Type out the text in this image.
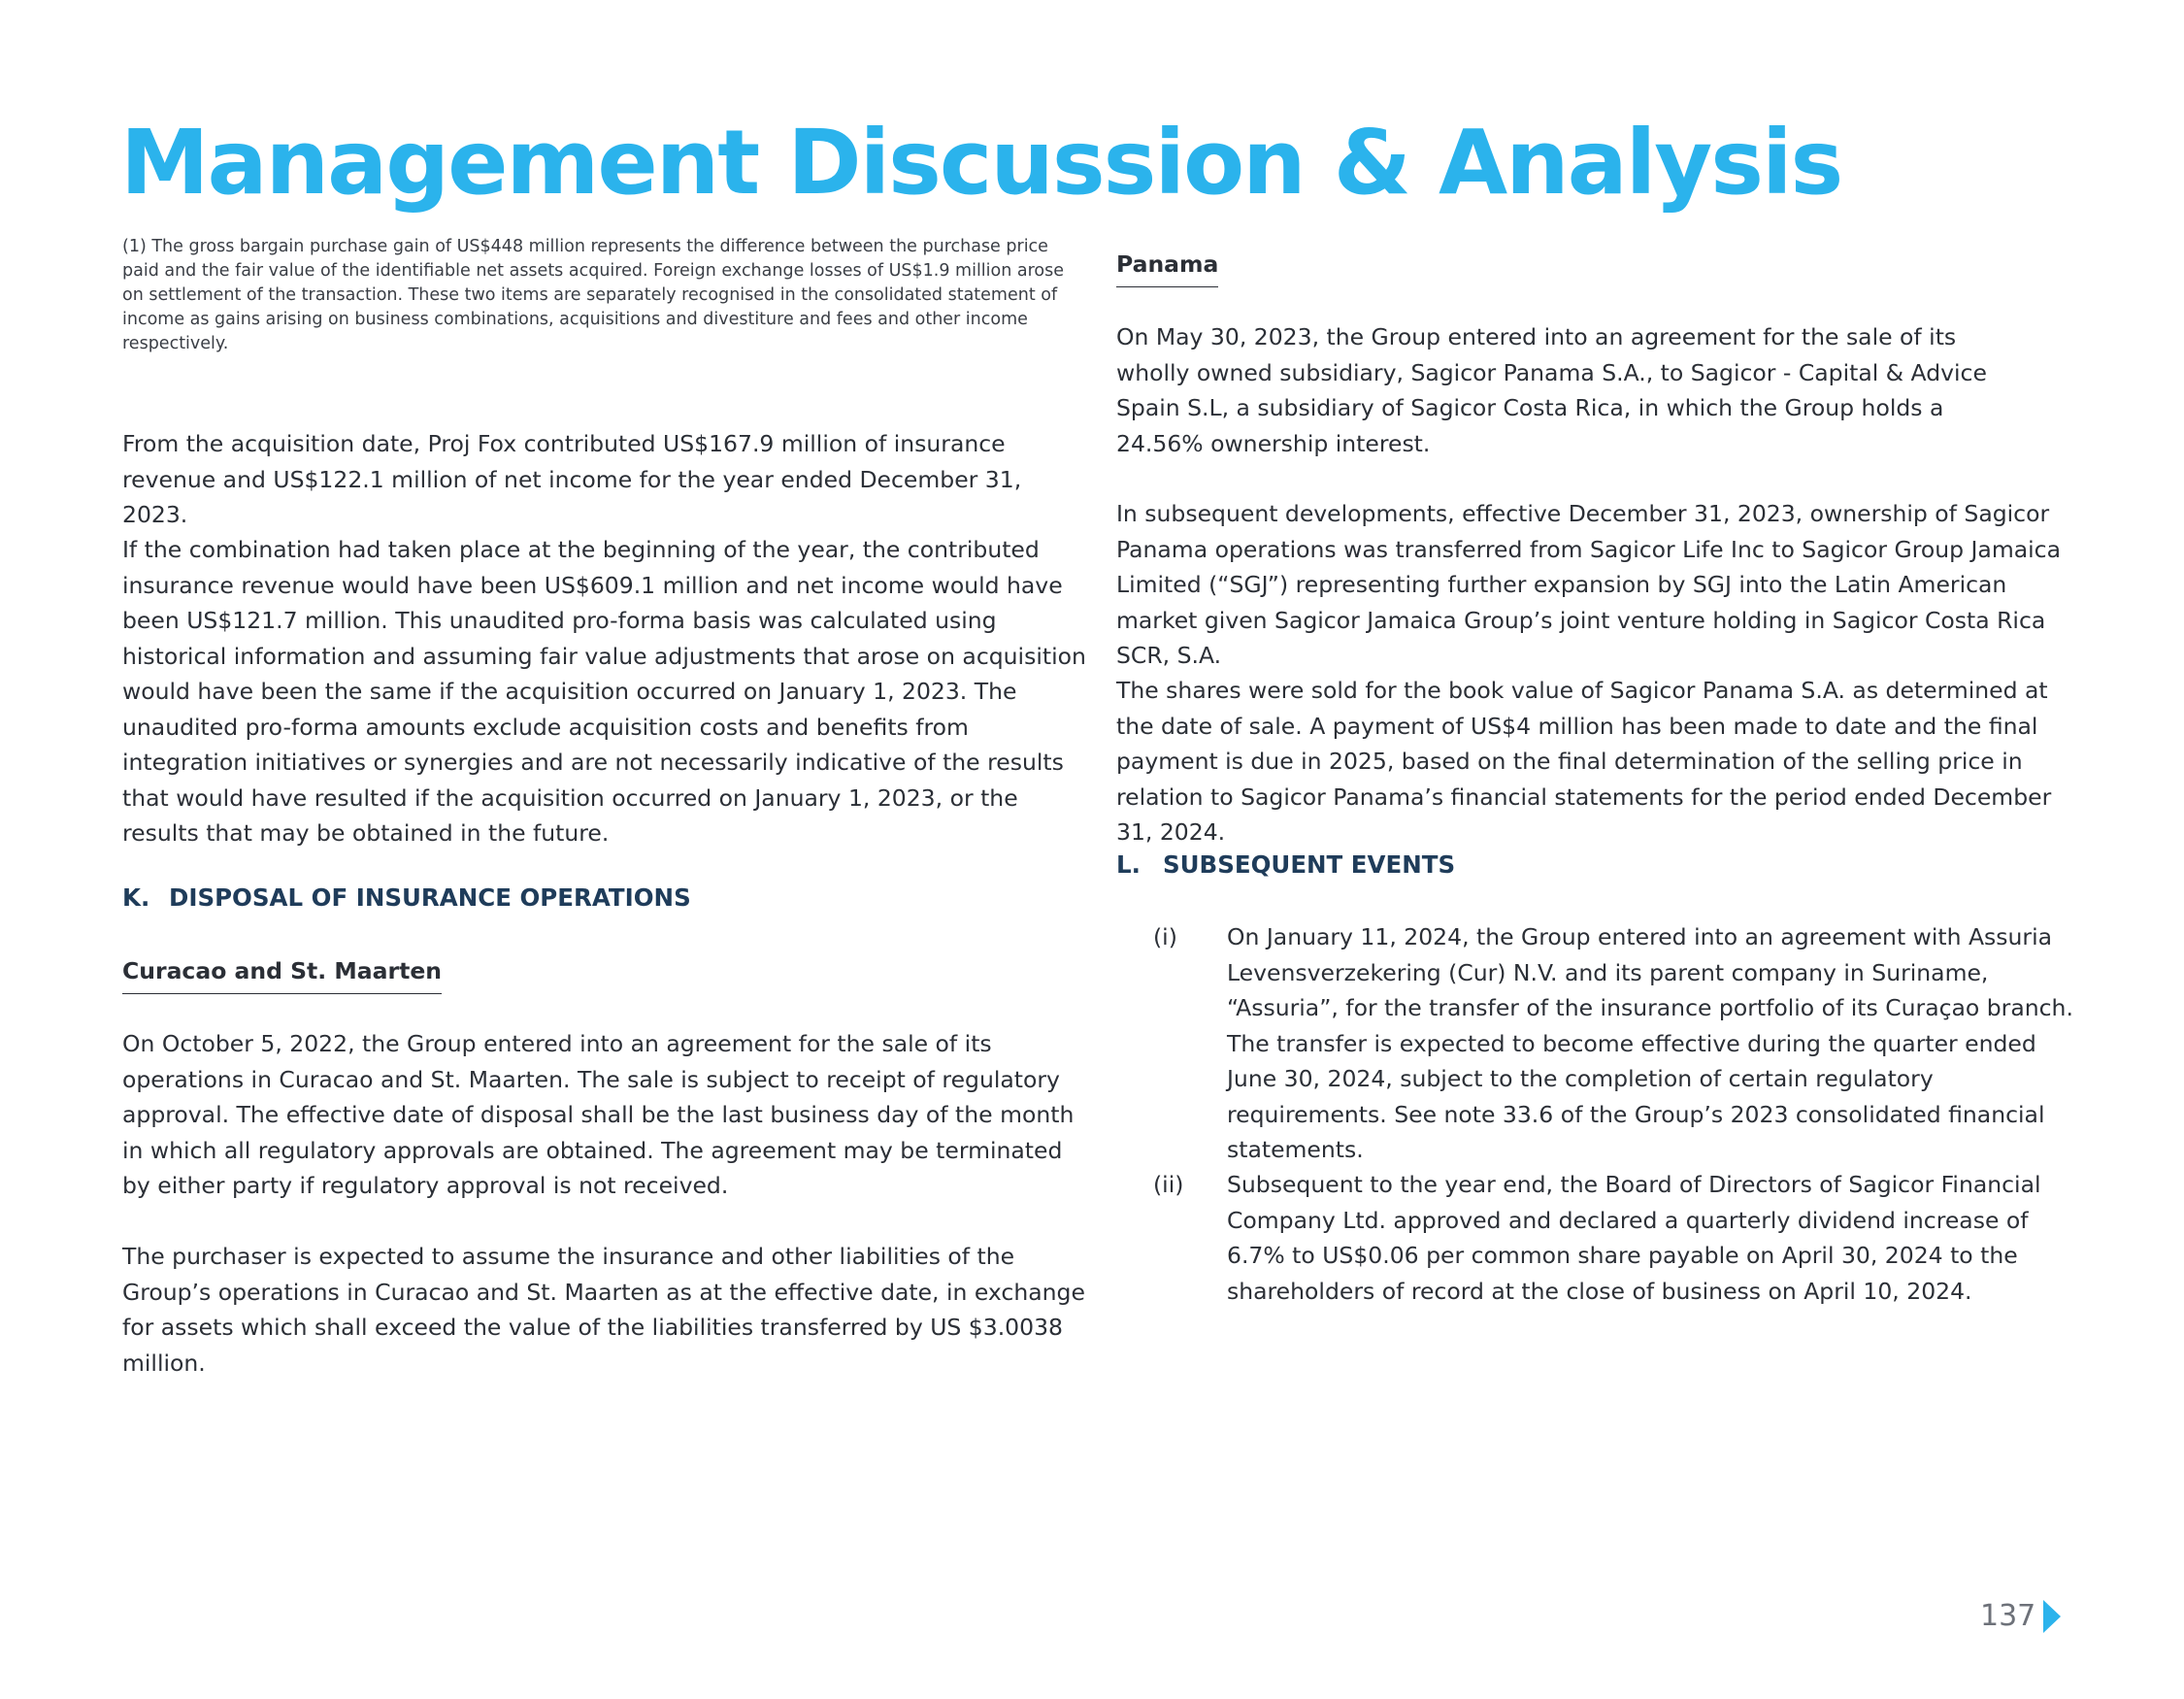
Management Discussion & Analysis

(1) The gross bargain purchase gain of US$448 million represents the difference between the purchase price paid and the fair value of the identifiable net assets acquired. Foreign exchange losses of US$1.9 million arose on settlement of the transaction. These two items are separately recognised in the consolidated statement of income as gains arising on business combinations, acquisitions and divestiture and fees and other income respectively.

From the acquisition date, Proj Fox contributed US$167.9 million of insurance revenue and US$122.1 million of net income for the year ended December 31, 2023.

If the combination had taken place at the beginning of the year, the contributed insurance revenue would have been US$609.1 million and net income would have been US$121.7 million. This unaudited pro-forma basis was calculated using historical information and assuming fair value adjustments that arose on acquisition would have been the same if the acquisition occurred on January 1, 2023. The unaudited pro-forma amounts exclude acquisition costs and benefits from integration initiatives or synergies and are not necessarily indicative of the results that would have resulted if the acquisition occurred on January 1, 2023, or the results that may be obtained in the future.

K. DISPOSAL OF INSURANCE OPERATIONS
Curacao and St. Maarten

On October 5, 2022, the Group entered into an agreement for the sale of its operations in Curacao and St. Maarten. The sale is subject to receipt of regulatory approval. The effective date of disposal shall be the last business day of the month in which all regulatory approvals are obtained. The agreement may be terminated by either party if regulatory approval is not received.

The purchaser is expected to assume the insurance and other liabilities of the Group’s operations in Curacao and St. Maarten as at the effective date, in exchange for assets which shall exceed the value of the liabilities transferred by US $3.0038 million.

Panama

On May 30, 2023, the Group entered into an agreement for the sale of its wholly owned subsidiary, Sagicor Panama S.A., to Sagicor - Capital & Advice Spain S.L, a subsidiary of Sagicor Costa Rica, in which the Group holds a 24.56% ownership interest.

In subsequent developments, effective December 31, 2023, ownership of Sagicor Panama operations was transferred from Sagicor Life Inc to Sagicor Group Jamaica Limited (“SGJ”) representing further expansion by SGJ into the Latin American market given Sagicor Jamaica Group’s joint venture holding in Sagicor Costa Rica SCR, S.A.

The shares were sold for the book value of Sagicor Panama S.A. as determined at the date of sale. A payment of US$4 million has been made to date and the final payment is due in 2025, based on the final determination of the selling price in relation to Sagicor Panama’s financial statements for the period ended December 31, 2024.

L. SUBSEQUENT EVENTS
(i) On January 11, 2024, the Group entered into an agreement with Assuria Levensverzekering (Cur) N.V. and its parent company in Suriname, “Assuria”, for the transfer of the insurance portfolio of its Curaçao branch. The transfer is expected to become effective during the quarter ended June 30, 2024, subject to the completion of certain regulatory requirements. See note 33.6 of the Group’s 2023 consolidated financial statements.

(ii) Subsequent to the year end, the Board of Directors of Sagicor Financial Company Ltd. approved and declared a quarterly dividend increase of 6.7% to US$0.06 per common share payable on April 30, 2024 to the shareholders of record at the close of business on April 10, 2024.

137
